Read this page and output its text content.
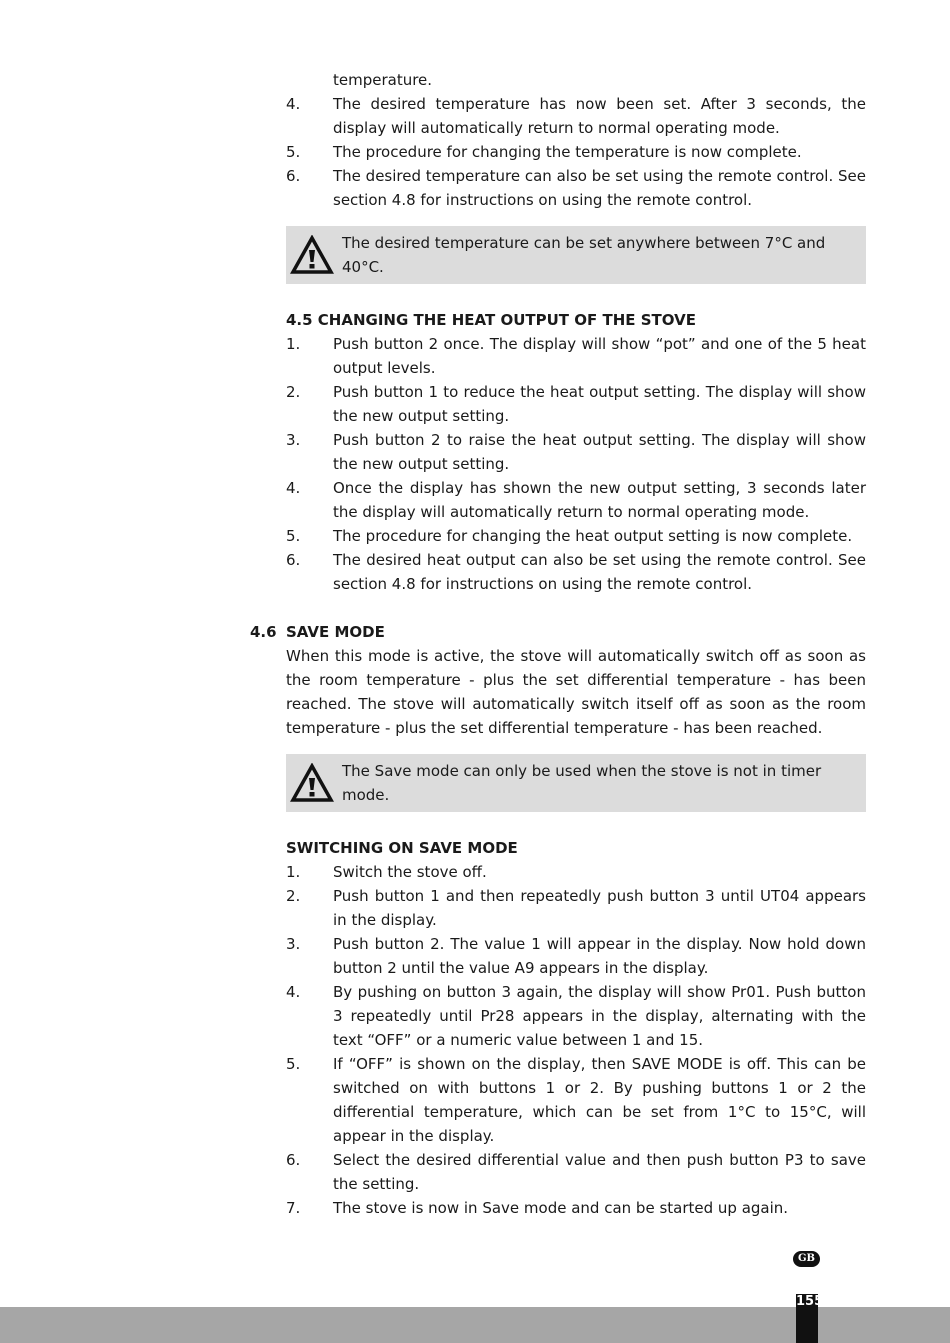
temperature.
4.	The desired temperature has now been set. After 3 seconds, the display will automatically return to normal operating mode.
5.	The procedure for changing the temperature is now complete.
6.	The desired temperature can also be set using the remote control. See section 4.8 for instructions on using the remote control.
The desired temperature can be set anywhere between 7°C and 40°C.
4.5 CHANGING THE HEAT OUTPUT OF THE STOVE
1.	Push button 2 once. The display will show “pot” and one of the 5 heat output levels.
2.	Push button 1 to reduce the heat output setting. The display will show the new output setting.
3.	Push button 2 to raise the heat output setting. The display will show the new output setting.
4.	Once the display has shown the new output setting, 3 seconds later the display will automatically return to normal operating mode.
5.	The procedure for changing the heat output setting is now complete.
6.	The desired heat output can also be set using the remote control. See section 4.8 for instructions on using the remote control.
4.6 SAVE MODE
When this mode is active, the stove will automatically switch off as soon as the room temperature - plus the set differential temperature - has been reached. The stove will automatically switch itself off as soon as the room temperature - plus the set differential temperature - has been reached.
The Save mode can only be used when the stove is not in timer mode.
SWITCHING ON SAVE MODE
1.	Switch the stove off.
2.	Push button 1 and then repeatedly push button 3 until UT04 appears in the display.
3.	Push button 2. The value 1 will appear in the display. Now hold down button 2 until the value A9 appears in the display.
4.	By pushing on button 3 again, the display will show Pr01. Push button 3 repeatedly until Pr28 appears in the display, alternating with the text “OFF” or a numeric value between 1 and 15.
5.	If “OFF” is shown on the display, then SAVE MODE is off. This can be switched on with buttons 1 or 2. By pushing buttons 1 or 2 the differential temperature, which can be set from 1°C to 15°C, will appear in the display.
6.	Select the desired differential value and then push button P3 to save the setting.
7.	The stove is now in Save mode and can be started up again.
GB
155
